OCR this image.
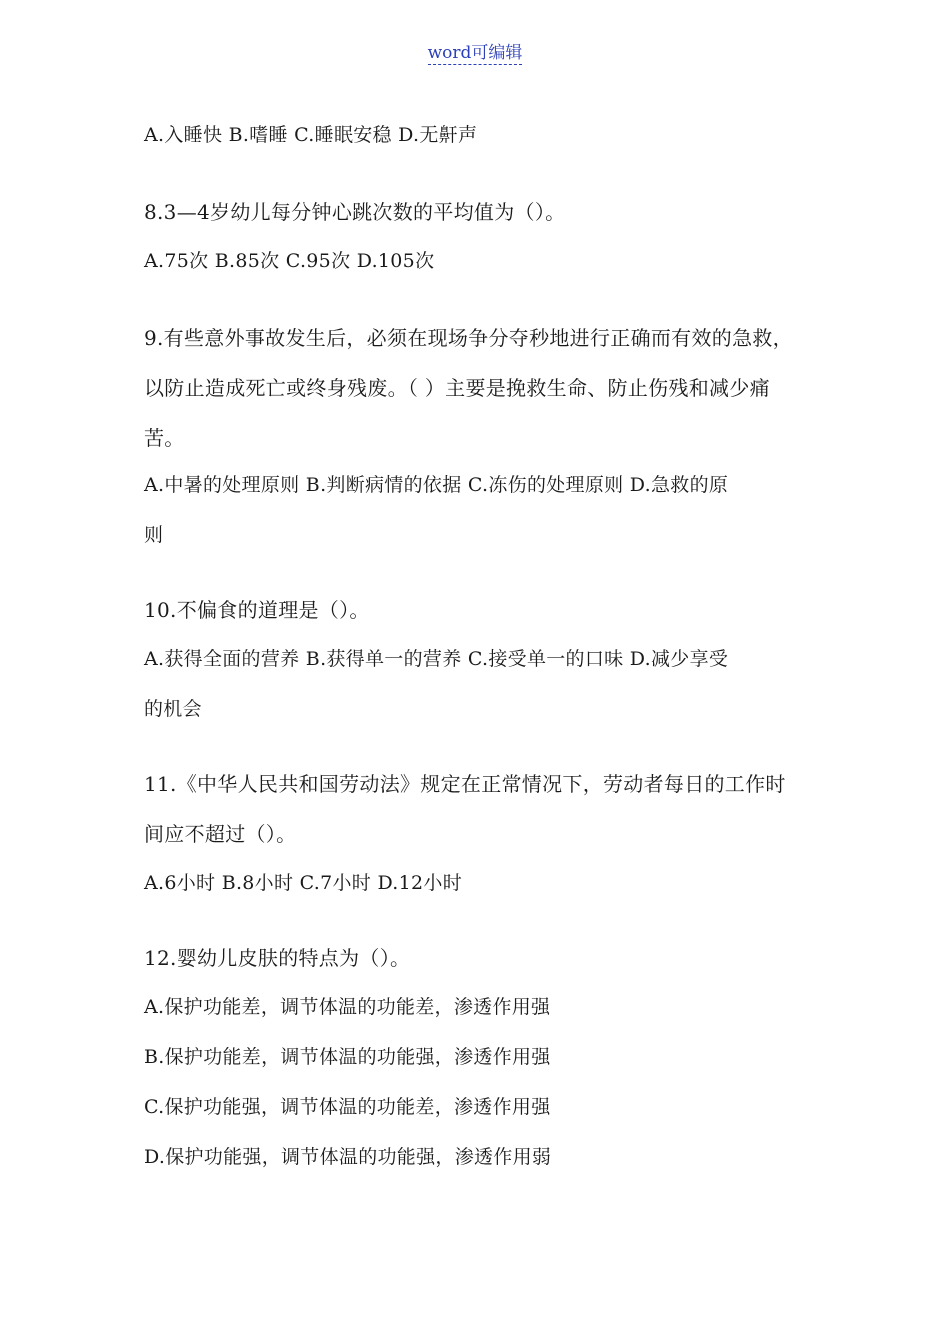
word可编辑
A.入睡快 B.嗜睡 C.睡眠安稳 D.无鼾声
8.3—4岁幼儿每分钟心跳次数的平均值为（）。
A.75次 B.85次 C.95次 D.105次
9.有些意外事故发生后，必须在现场争分夺秒地进行正确而有效的急救，
以防止造成死亡或终身残废。（ ）主要是挽救生命、防止伤残和减少痛
苦。
A.中暑的处理原则 B.判断病情的依据 C.冻伤的处理原则 D.急救的原
则
10.不偏食的道理是（）。
A.获得全面的营养 B.获得单一的营养 C.接受单一的口味 D.减少享受
的机会
11.《中华人民共和国劳动法》规定在正常情况下，劳动者每日的工作时
间应不超过（）。
A.6小时 B.8小时 C.7小时 D.12小时
12.婴幼儿皮肤的特点为（）。
A.保护功能差，调节体温的功能差，渗透作用强
B.保护功能差，调节体温的功能强，渗透作用强
C.保护功能强，调节体温的功能差，渗透作用强
D.保护功能强，调节体温的功能强，渗透作用弱
